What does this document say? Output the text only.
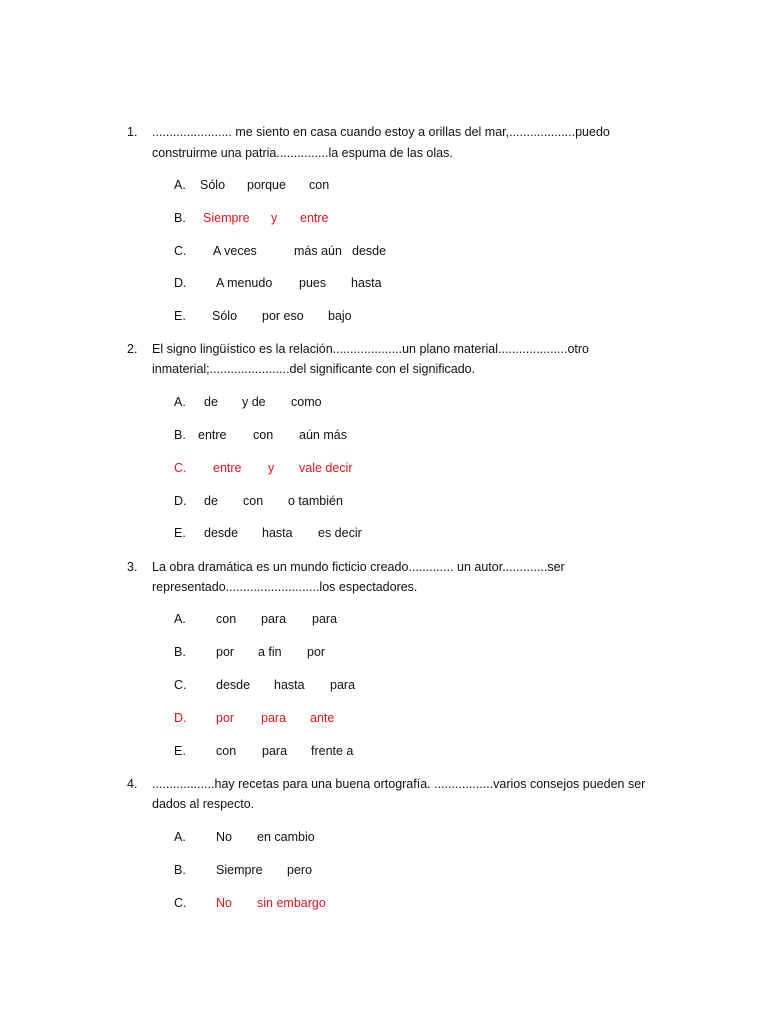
1. ....................... me siento en casa cuando estoy a orillas del mar,...................puedo
construirme una patria...............la espuma de las olas.
A. Sólo porque con
B. Siempre y entre
C. A veces	más aún desde
D. A menudo pues hasta
E. Sólo por eso bajo
2. El signo lingüístico es la relación....................un plano material....................otro
inmaterial;.......................del significante con el significado.
A. de y de como
B. entre con aún más
C. entre y vale decir
D. de con o también
E. desde hasta es decir
3. La obra dramática es un mundo ficticio creado............. un autor.............ser
representado...........................los espectadores.
A. con para para
B. por a fin por
C. desde hasta para
D. por para ante
E. con para frente a
4. ..................hay recetas para una buena ortografía. .................varios consejos pueden ser
dados al respecto.
A. No en cambio
B. Siempre pero
C. No sin embargo
